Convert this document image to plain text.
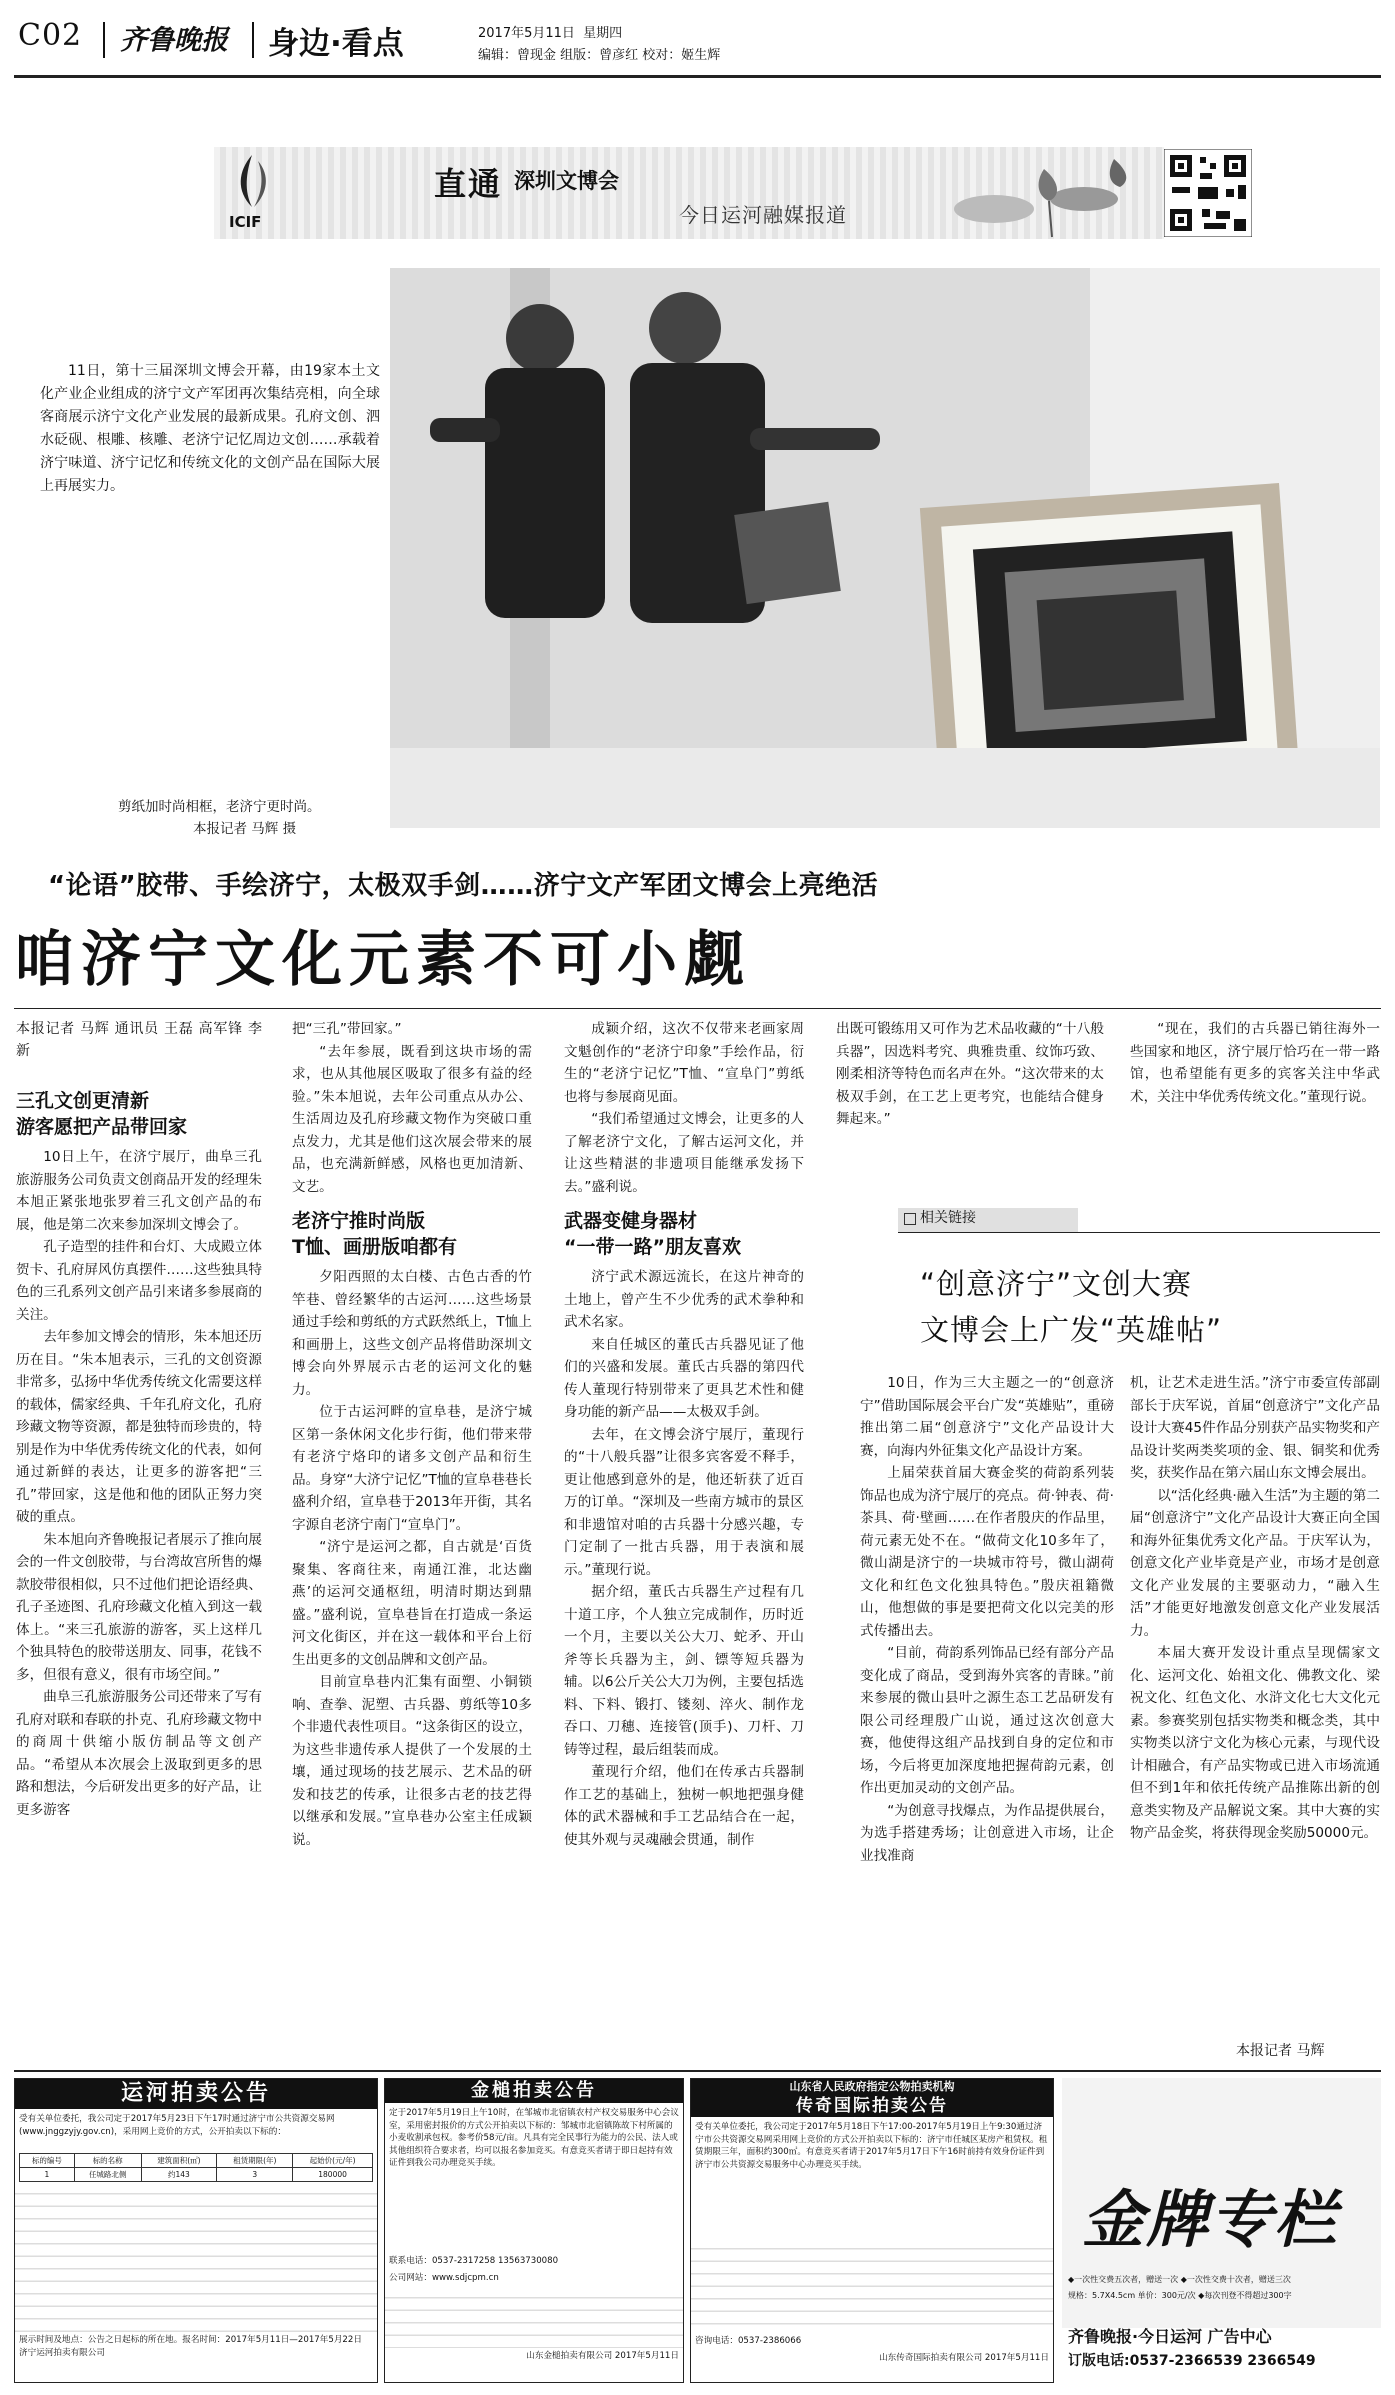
C02 齐鲁晚报 身边·看点	2017年5月11日 星期四
编辑：曾现金 组版：曾彦红 校对：姬生辉
ICIF
直通 深圳文博会
今日运河融媒报道
11日，第十三届深圳文博会开幕，由19家本土文化产业企业组成的济宁文产军团再次集结亮相，向全球客商展示济宁文化产业发展的最新成果。孔府文创、泗水砭砚、根雕、核雕、老济宁记忆周边文创……承载着济宁味道、济宁记忆和传统文化的文创产品在国际大展上再展实力。
剪纸加时尚相框，老济宁更时尚。
本报记者 马辉 摄
“论语”胶带、手绘济宁，太极双手剑……济宁文产军团文博会上亮绝活
咱济宁文化元素不可小觑
本报记者 马辉 通讯员 王磊 高军锋 李新
三孔文创更清新
游客愿把产品带回家

10日上午，在济宁展厅，曲阜三孔旅游服务公司负责文创商品开发的经理朱本旭正紧张地张罗着三孔文创产品的布展，他是第二次来参加深圳文博会了。

孔子造型的挂件和台灯、大成殿立体贺卡、孔府屏风仿真摆件……这些独具特色的三孔系列文创产品引来诸多参展商的关注。

去年参加文博会的情形，朱本旭还历历在目。“朱本旭表示，三孔的文创资源非常多，弘扬中华优秀传统文化需要这样的载体，儒家经典、千年孔府文化，孔府珍藏文物等资源，都是独特而珍贵的，特别是作为中华优秀传统文化的代表，如何通过新鲜的表达，让更多的游客把“三孔”带回家，这是他和他的团队正努力突破的重点。

朱本旭向齐鲁晚报记者展示了推向展会的一件文创胶带，与台湾故宫所售的爆款胶带很相似，只不过他们把论语经典、孔子圣迹图、孔府珍藏文化植入到这一载体上。“来三孔旅游的游客，买上这样几个独具特色的胶带送朋友、同事，花钱不多，但很有意义，很有市场空间。”

曲阜三孔旅游服务公司还带来了写有孔府对联和春联的扑克、孔府珍藏文物中的商周十供缩小版仿制品等文创产品。“希望从本次展会上汲取到更多的思路和想法，今后研发出更多的好产品，让更多游客

把“三孔”带回家。”

“去年参展，既看到这块市场的需求，也从其他展区吸取了很多有益的经验。”朱本旭说，去年公司重点从办公、生活周边及孔府珍藏文物作为突破口重点发力，尤其是他们这次展会带来的展品，也充满新鲜感，风格也更加清新、文艺。

老济宁推时尚版
T恤、画册版咱都有

夕阳西照的太白楼、古色古香的竹竿巷、曾经繁华的古运河……这些场景通过手绘和剪纸的方式跃然纸上，T恤上和画册上，这些文创产品将借助深圳文博会向外界展示古老的运河文化的魅力。

位于古运河畔的宣阜巷，是济宁城区第一条休闲文化步行街，他们带来带有老济宁烙印的诸多文创产品和衍生品。身穿“大济宁记忆”T恤的宣阜巷巷长盛利介绍，宣阜巷于2013年开街，其名字源自老济宁南门“宣阜门”。

“济宁是运河之都，自古就是‘百货聚集、客商往来，南通江淮，北达幽燕’的运河交通枢纽，明清时期达到鼎盛。”盛利说，宣阜巷旨在打造成一条运河文化街区，并在这一载体和平台上衍生出更多的文创品牌和文创产品。

目前宣阜巷内汇集有面塑、小铜锁响、查拳、泥塑、古兵器、剪纸等10多个非遗代表性项目。“这条街区的设立，为这些非遗传承人提供了一个发展的土壤，通过现场的技艺展示、艺术品的研发和技艺的传承，让很多古老的技艺得以继承和发展。”宣阜巷办公室主任成颖说。

成颖介绍，这次不仅带来老画家周文魁创作的“老济宁印象”手绘作品，衍生的“老济宁记忆”T恤、“宣阜门”剪纸也将与参展商见面。

“我们希望通过文博会，让更多的人了解老济宁文化，了解古运河文化，并让这些精湛的非遗项目能继承发扬下去。”盛利说。

武器变健身器材
“一带一路”朋友喜欢

济宁武术源远流长，在这片神奇的土地上，曾产生不少优秀的武术拳种和武术名家。

来自任城区的董氏古兵器见证了他们的兴盛和发展。董氏古兵器的第四代传人董现行特别带来了更具艺术性和健身功能的新产品——太极双手剑。

去年，在文博会济宁展厅，董现行的“十八般兵器”让很多宾客爱不释手，更让他感到意外的是，他还斩获了近百万的订单。“深圳及一些南方城市的景区和非遗馆对咱的古兵器十分感兴趣，专门定制了一批古兵器，用于表演和展示。”董现行说。

据介绍，董氏古兵器生产过程有几十道工序，个人独立完成制作，历时近一个月，主要以关公大刀、蛇矛、开山斧等长兵器为主，剑、镖等短兵器为辅。以6公斤关公大刀为例，主要包括选料、下料、锻打、镂刻、淬火、制作龙吞口、刀穗、连接管(顶手)、刀杆、刀铸等过程，最后组装而成。

董现行介绍，他们在传承古兵器制作工艺的基础上，独树一帜地把强身健体的武术器械和手工艺品结合在一起，使其外观与灵魂融会贯通，制作

出既可锻练用又可作为艺术品收藏的“十八般兵器”，因选料考究、典雅贵重、纹饰巧致、刚柔相济等特色而名声在外。“这次带来的太极双手剑，在工艺上更考究，也能结合健身舞起来。”

“现在，我们的古兵器已销往海外一些国家和地区，济宁展厅恰巧在一带一路馆，也希望能有更多的宾客关注中华武术，关注中华优秀传统文化。”董现行说。

相关链接
“创意济宁”文创大赛
文博会上广发“英雄帖”

10日，作为三大主题之一的“创意济宁”借助国际展会平台广发“英雄贴”，重磅推出第二届“创意济宁”文化产品设计大赛，向海内外征集文化产品设计方案。

上届荣获首届大赛金奖的荷韵系列装饰品也成为济宁展厅的亮点。荷·钟表、荷·茶具、荷·壁画……在作者殷庆的作品里，荷元素无处不在。“做荷文化10多年了，微山湖是济宁的一块城市符号，微山湖荷文化和红色文化独具特色。”殷庆祖籍微山，他想做的事是要把荷文化以完美的形式传播出去。

“目前，荷韵系列饰品已经有部分产品变化成了商品，受到海外宾客的青睐。”前来参展的微山县叶之源生态工艺品研发有限公司经理殷广山说，通过这次创意大赛，他使得这组产品找到自身的定位和市场，今后将更加深度地把握荷韵元素，创作出更加灵动的文创产品。

“为创意寻找爆点，为作品提供展台，为选手搭建秀场；让创意进入市场，让企业找准商

机，让艺术走进生活。”济宁市委宣传部副部长于庆军说，首届“创意济宁”文化产品设计大赛45件作品分别获产品实物奖和产品设计奖两类奖项的金、银、铜奖和优秀奖，获奖作品在第六届山东文博会展出。

以“活化经典·融入生活”为主题的第二届“创意济宁”文化产品设计大赛正向全国和海外征集优秀文化产品。于庆军认为，创意文化产业毕竟是产业，市场才是创意文化产业发展的主要驱动力，“融入生活”才能更好地激发创意文化产业发展活力。

本届大赛开发设计重点呈现儒家文化、运河文化、始祖文化、佛教文化、梁祝文化、红色文化、水浒文化七大文化元素。参赛奖别包括实物类和概念类，其中实物类以济宁文化为核心元素，与现代设计相融合，有产品实物或已进入市场流通但不到1年和依托传统产品推陈出新的创意类实物及产品解说文案。其中大赛的实物产品金奖，将获得现金奖励50000元。

本报记者 马辉
运河拍卖公告
受有关单位委托，我公司定于2017年5月23日下午17时通过济宁市公共资源交易网(www.jnggzyjy.gov.cn)，采用网上竞价的方式，公开拍卖以下标的：
标的编号	标的名称	建筑面积(㎡)	租赁期限(年)	起始价(元/年)
1	任城路北侧	约143	3	180000
展示时间及地点：公告之日起标的所在地。报名时间：2017年5月11日—2017年5月22日 济宁运河拍卖有限公司
金槌拍卖公告
定于2017年5月19日上午10时，在邹城市北宿镇农村产权交易服务中心会议室，采用密封报价的方式公开拍卖以下标的：邹城市北宿镇陈故下村所属的小麦收割承包权。参考价58元/亩。凡具有完全民事行为能力的公民、法人或其他组织符合要求者，均可以报名参加竞买。有意竞买者请于即日起持有效证件到我公司办理竞买手续。
联系电话：0537-2317258 13563730080
公司网站：www.sdjcpm.cn
山东金槌拍卖有限公司 2017年5月11日
山东省人民政府指定公物拍卖机构
传奇国际拍卖公告
受有关单位委托，我公司定于2017年5月18日下午17:00-2017年5月19日上午9:30通过济宁市公共资源交易网采用网上竞价的方式公开拍卖以下标的：济宁市任城区某房产租赁权。租赁期限三年，面积约300㎡。有意竞买者请于2017年5月17日下午16时前持有效身份证件到济宁市公共资源交易服务中心办理竞买手续。
咨询电话：0537-2386066
山东传奇国际拍卖有限公司 2017年5月11日
金牌专栏
◆一次性交费五次者，赠送一次 ◆一次性交费十次者，赠送三次
规格：5.7X4.5cm 单价：300元/次 ◆每次刊登不得超过300字
齐鲁晚报·今日运河 广告中心
订版电话:0537-2366539 2366549
